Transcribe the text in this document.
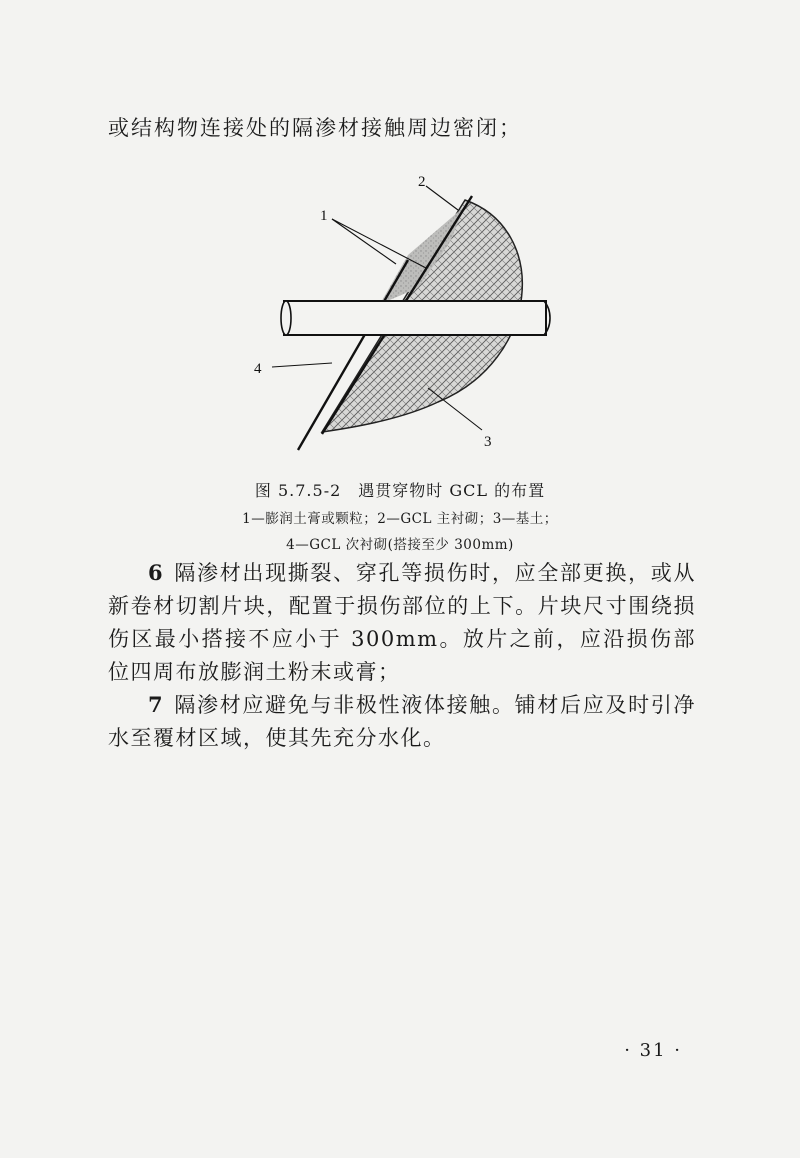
或结构物连接处的隔渗材接触周边密闭；
1
2
3
4
图 5.7.5-2　遇贯穿物时 GCL 的布置
1—膨润土膏或颗粒；2—GCL 主衬砌；3—基土；
4—GCL 次衬砌(搭接至少 300mm)
6 隔渗材出现撕裂、穿孔等损伤时，应全部更换，或从新卷材切割片块，配置于损伤部位的上下。片块尺寸围绕损伤区最小搭接不应小于 300mm。放片之前，应沿损伤部位四周布放膨润土粉末或膏；
7 隔渗材应避免与非极性液体接触。铺材后应及时引净水至覆材区域，使其先充分水化。
· 31 ·
